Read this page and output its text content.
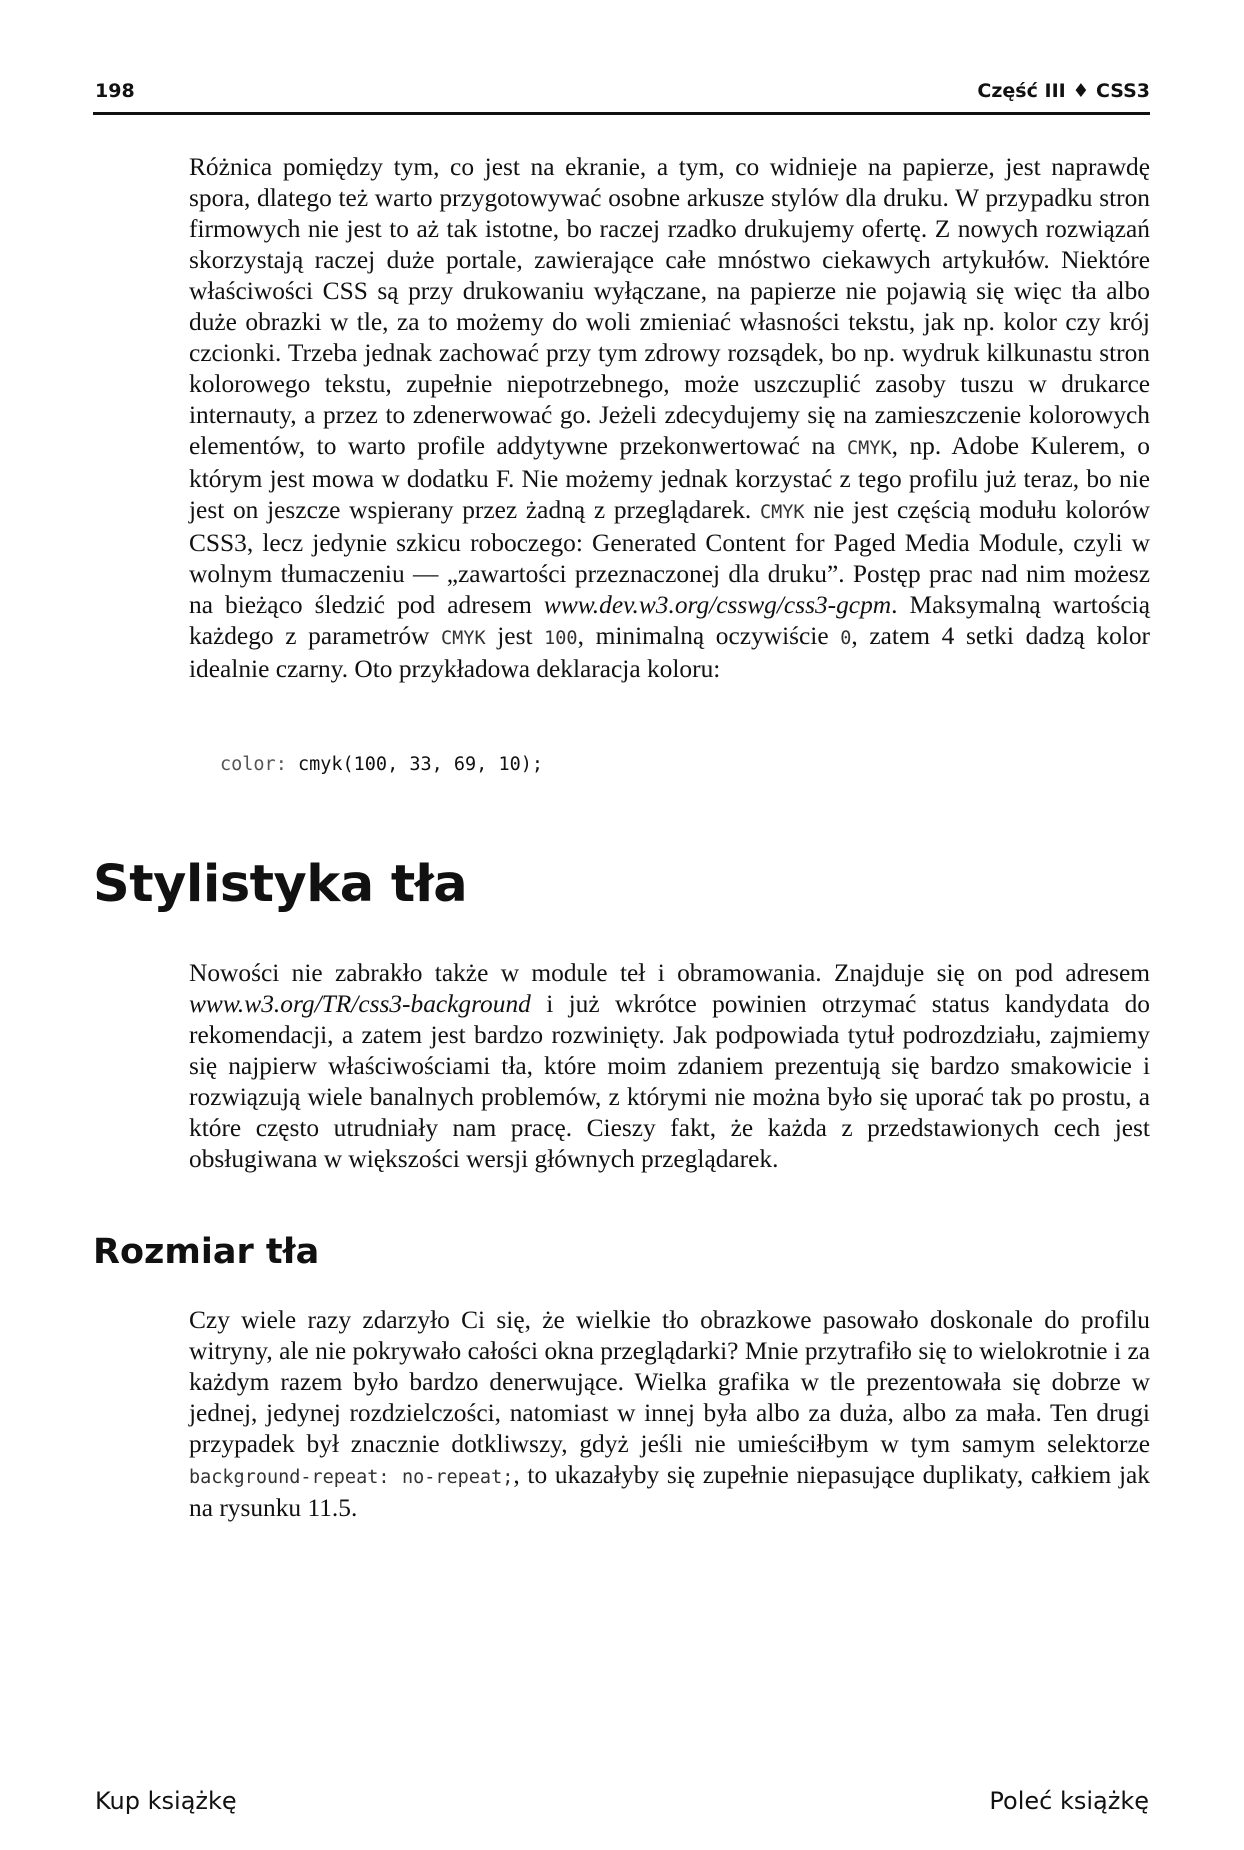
198	Część III ♦ CSS3

Różnica pomiędzy tym, co jest na ekranie, a tym, co widnieje na papierze, jest naprawdę spora, dlatego też warto przygotowywać osobne arkusze stylów dla druku. W przypadku stron firmowych nie jest to aż tak istotne, bo raczej rzadko drukujemy ofertę. Z nowych rozwiązań skorzystają raczej duże portale, zawierające całe mnóstwo ciekawych artykułów. Niektóre właściwości CSS są przy drukowaniu wyłączane, na papierze nie pojawią się więc tła albo duże obrazki w tle, za to możemy do woli zmieniać własności tekstu, jak np. kolor czy krój czcionki. Trzeba jednak zachować przy tym zdrowy rozsądek, bo np. wydruk kilkunastu stron kolorowego tekstu, zupełnie niepotrzebnego, może uszczuplić zasoby tuszu w drukarce internauty, a przez to zdenerwować go. Jeżeli zdecydujemy się na zamieszczenie kolorowych elementów, to warto profile addytywne przekonwertować na CMYK, np. Adobe Kulerem, o którym jest mowa w dodatku F. Nie możemy jednak korzystać z tego profilu już teraz, bo nie jest on jeszcze wspierany przez żadną z przeglądarek. CMYK nie jest częścią modułu kolorów CSS3, lecz jedynie szkicu roboczego: Generated Content for Paged Media Module, czyli w wolnym tłumaczeniu — „zawartości przeznaczonej dla druku”. Postęp prac nad nim możesz na bieżąco śledzić pod adresem www.dev.w3.org/csswg/css3-gcpm. Maksymalną wartością każdego z parametrów CMYK jest 100, minimalną oczywiście 0, zatem 4 setki dadzą kolor idealnie czarny. Oto przykładowa deklaracja koloru:

color: cmyk(100, 33, 69, 10);
Stylistyka tła

Nowości nie zabrakło także w module teł i obramowania. Znajduje się on pod adresem www.w3.org/TR/css3-background i już wkrótce powinien otrzymać status kandydata do rekomendacji, a zatem jest bardzo rozwinięty. Jak podpowiada tytuł podrozdziału, zajmiemy się najpierw właściwościami tła, które moim zdaniem prezentują się bardzo smakowicie i rozwiązują wiele banalnych problemów, z którymi nie można było się uporać tak po prostu, a które często utrudniały nam pracę. Cieszy fakt, że każda z przedstawionych cech jest obsługiwana w większości wersji głównych przeglądarek.

Rozmiar tła

Czy wiele razy zdarzyło Ci się, że wielkie tło obrazkowe pasowało doskonale do profilu witryny, ale nie pokrywało całości okna przeglądarki? Mnie przytrafiło się to wielokrotnie i za każdym razem było bardzo denerwujące. Wielka grafika w tle prezentowała się dobrze w jednej, jedynej rozdzielczości, natomiast w innej była albo za duża, albo za mała. Ten drugi przypadek był znacznie dotkliwszy, gdyż jeśli nie umieściłbym w tym samym selektorze background-repeat: no-repeat;, to ukazałyby się zupełnie niepasujące duplikaty, całkiem jak na rysunku 11.5.

Kup książkę	Poleć książkę
